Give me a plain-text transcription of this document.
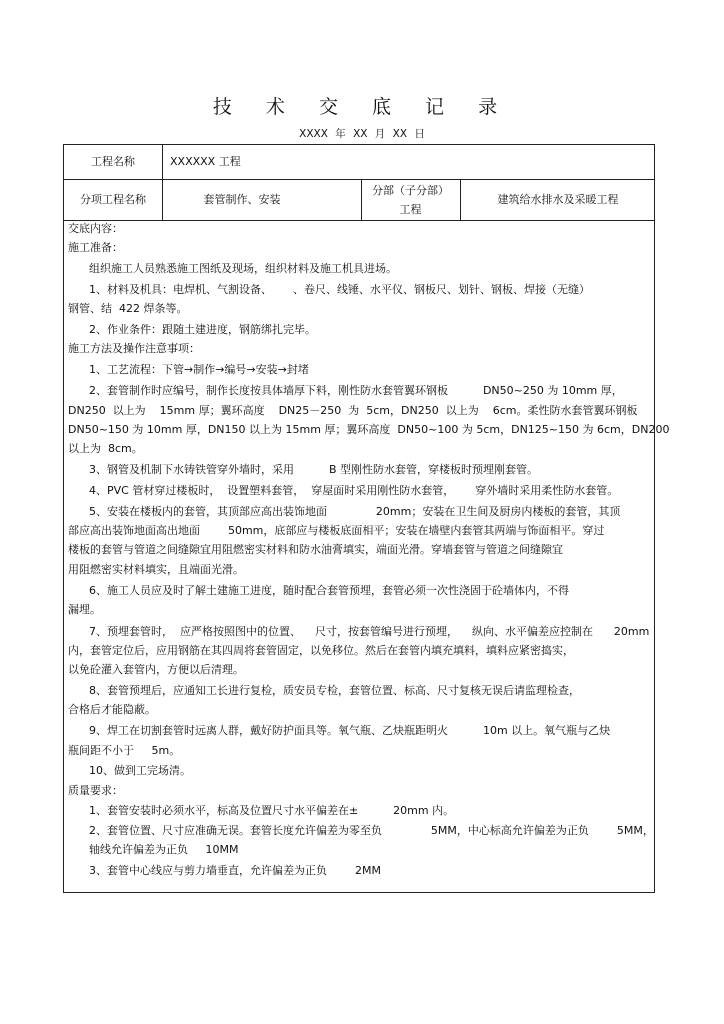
技 术 交 底 记 录
XXXX 年 XX 月 XX 日
工程名称	XXXXXX 工程
分项工程名称	套管制作、安装
分部（子分部）
工程
建筑给水排水及采暖工程
交底内容：
施工准备：
组织施工人员熟悉施工图纸及现场，组织材料及施工机具进场。
1、材料及机具：电焊机、气割设备、      、卷尺、线锤、水平仪、钢板尺、划针、钢板、焊接（无缝）
钢管、结  422 焊条等。
2、作业条件：跟随土建进度，钢筋绑扎完毕。
施工方法及操作注意事项：
1、工艺流程：下管→制作→编号→安装→封堵
2、套管制作时应编号，制作长度按具体墙厚下料，刚性防水套管翼环钢板          DN50~250 为 10mm 厚，
DN250  以上为    15mm 厚；翼环高度    DN25－250  为  5cm，DN250  以上为    6cm。柔性防水套管翼环钢板
DN50~150 为 10mm 厚，DN150 以上为 15mm 厚；翼环高度  DN50~100 为 5cm，DN125~150 为 6cm，DN200
以上为  8cm。
3、钢管及机制下水铸铁管穿外墙时，采用          B 型刚性防水套管，穿楼板时预埋刚套管。
4、PVC 管材穿过楼板时，  设置塑料套管，  穿屋面时采用刚性防水套管，      穿外墙时采用柔性防水套管。
5、安装在楼板内的套管，其顶部应高出装饰地面              20mm；安装在卫生间及厨房内楼板的套管，其顶
部应高出装饰地面高出地面        50mm，底部应与楼板底面相平；安装在墙壁内套管其两端与饰面相平。穿过
楼板的套管与管道之间缝隙宜用阻燃密实材料和防水油膏填实，端面光滑。穿墙套管与管道之间缝隙宜
用阻燃密实材料填实，且端面光滑。
6、施工人员应及时了解土建施工进度，随时配合套管预埋，套管必须一次性浇固于砼墙体内，不得
漏埋。
7、预埋套管时，  应严格按照图中的位置、    尺寸，按套管编号进行预埋，    纵向、水平偏差应控制在      20mm
内，套管定位后，应用钢筋在其四周将套管固定，以免移位。然后在套管内填充填料，填料应紧密捣实，
以免砼灌入套管内，方便以后清理。
8、套管预埋后，应通知工长进行复检，质安员专检，套管位置、标高、尺寸复核无误后请监理检查，
合格后才能隐蔽。
9、焊工在切割套管时远离人群，戴好防护面具等。氧气瓶、乙炔瓶距明火          10m 以上。氧气瓶与乙炔
瓶间距不小于     5m。
10、做到工完场清。
质量要求：
1、套管安装时必须水平，标高及位置尺寸水平偏差在±          20mm 内。
2、套管位置、尺寸应准确无误。套管长度允许偏差为零至负              5MM，中心标高允许偏差为正负        5MM，
轴线允许偏差为正负     10MM
3、套管中心线应与剪力墙垂直，允许偏差为正负        2MM
